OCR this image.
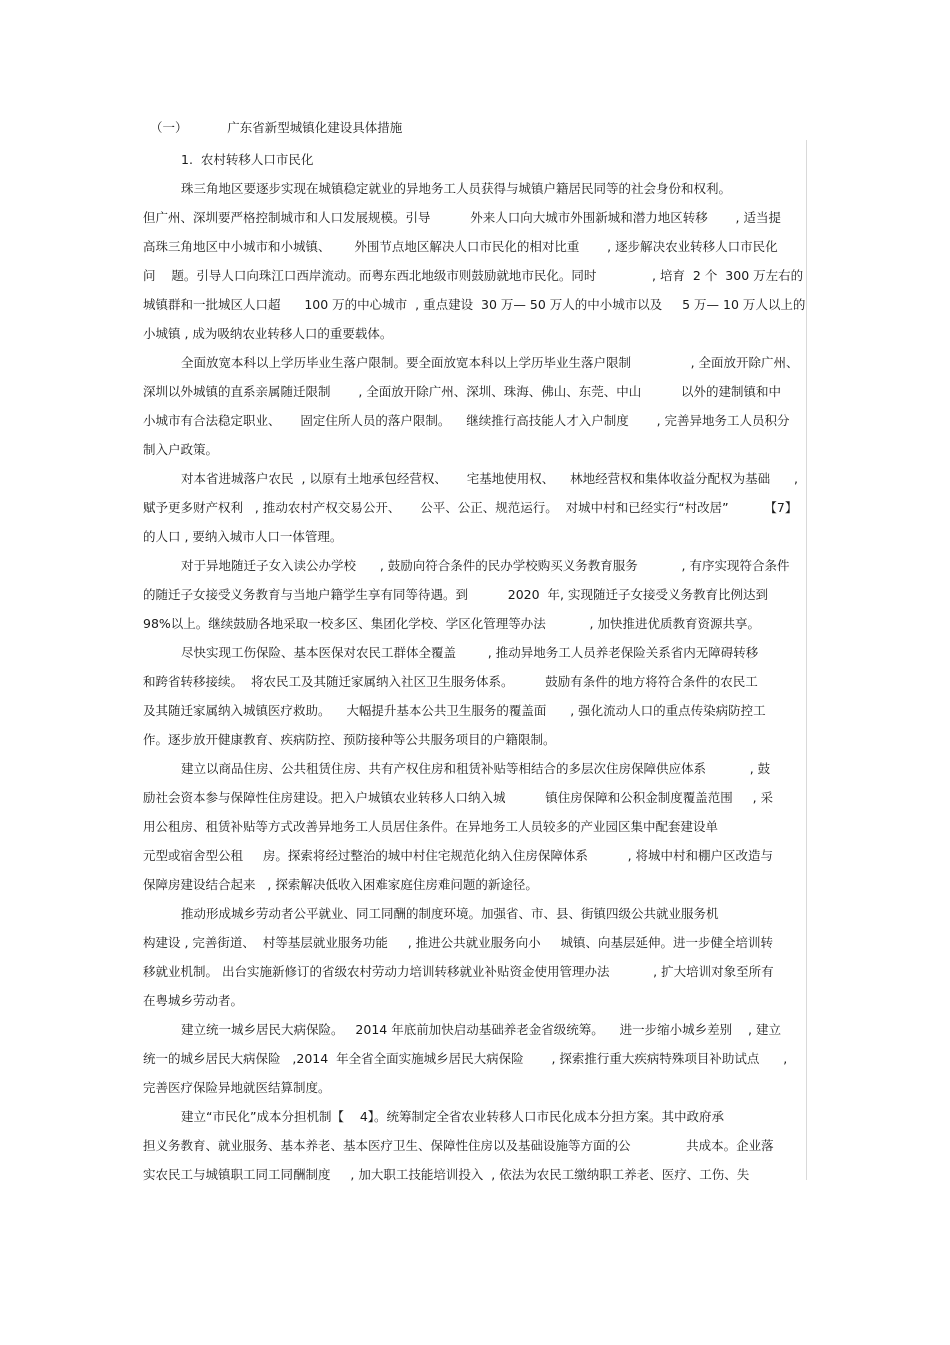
（一）          广东省新型城镇化建设具体措施
1.  农村转移人口市民化
珠三角地区要逐步实现在城镇稳定就业的异地务工人员获得与城镇户籍居民同等的社会身份和权利。
但广州、深圳要严格控制城市和人口发展规模。引导          外来人口向大城市外围新城和潜力地区转移       , 适当提
高珠三角地区中小城市和小城镇、      外围节点地区解决人口市民化的相对比重       , 逐步解决农业转移人口市民化
问    题。引导人口向珠江口西岸流动。而粤东西北地级市则鼓励就地市民化。同时              , 培育  2 个  300 万左右的
城镇群和一批城区人口超      100 万的中心城市  , 重点建设  30 万— 50 万人的中小城市以及     5 万— 10 万人以上的
小城镇 , 成为吸纳农业转移人口的重要载体。
全面放宽本科以上学历毕业生落户限制。要全面放宽本科以上学历毕业生落户限制               , 全面放开除广州、
深圳以外城镇的直系亲属随迁限制       , 全面放开除广州、深圳、珠海、佛山、东莞、中山          以外的建制镇和中
小城市有合法稳定职业、     固定住所人员的落户限制。    继续推行高技能人才入户制度       , 完善异地务工人员积分
制入户政策。
对本省进城落户农民  , 以原有土地承包经营权、     宅基地使用权、    林地经营权和集体收益分配权为基础      ,
赋予更多财产权利   , 推动农村产权交易公开、     公平、公正、规范运行。  对城中村和已经实行“村改居”         【7】
的人口 , 要纳入城市人口一体管理。
对于异地随迁子女入读公办学校      , 鼓励向符合条件的民办学校购买义务教育服务           , 有序实现符合条件
的随迁子女接受义务教育与当地户籍学生享有同等待遇。到          2020  年, 实现随迁子女接受义务教育比例达到
98%以上。继续鼓励各地采取一校多区、集团化学校、学区化管理等办法           , 加快推进优质教育资源共享。
尽快实现工伤保险、基本医保对农民工群体全覆盖        , 推动异地务工人员养老保险关系省内无障碍转移
和跨省转移接续。  将农民工及其随迁家属纳入社区卫生服务体系。        鼓励有条件的地方将符合条件的农民工
及其随迁家属纳入城镇医疗救助。    大幅提升基本公共卫生服务的覆盖面      , 强化流动人口的重点传染病防控工
作。逐步放开健康教育、疾病防控、预防接种等公共服务项目的户籍限制。
建立以商品住房、公共租赁住房、共有产权住房和租赁补贴等相结合的多层次住房保障供应体系           , 鼓
励社会资本参与保障性住房建设。把入户城镇农业转移人口纳入城          镇住房保障和公积金制度覆盖范围     , 采
用公租房、租赁补贴等方式改善异地务工人员居住条件。在异地务工人员较多的产业园区集中配套建设单
元型或宿舍型公租     房。探索将经过整治的城中村住宅规范化纳入住房保障体系          , 将城中村和棚户区改造与
保障房建设结合起来   , 探索解决低收入困难家庭住房难问题的新途径。
推动形成城乡劳动者公平就业、同工同酬的制度环境。加强省、市、县、街镇四级公共就业服务机
构建设 , 完善街道、  村等基层就业服务功能     , 推进公共就业服务向小     城镇、向基层延伸。进一步健全培训转
移就业机制。 出台实施新修订的省级农村劳动力培训转移就业补贴资金使用管理办法           , 扩大培训对象至所有
在粤城乡劳动者。
建立统一城乡居民大病保险。   2014 年底前加快启动基础养老金省级统筹。    进一步缩小城乡差别    , 建立
统一的城乡居民大病保险   ,2014  年全省全面实施城乡居民大病保险       , 探索推行重大疾病特殊项目补助试点      ,
完善医疗保险异地就医结算制度。
建立“市民化”成本分担机制【    4】。统筹制定全省农业转移人口市民化成本分担方案。其中政府承
担义务教育、就业服务、基本养老、基本医疗卫生、保障性住房以及基础设施等方面的公              共成本。企业落
实农民工与城镇职工同工同酬制度     , 加大职工技能培训投入  , 依法为农民工缴纳职工养老、医疗、工伤、失
